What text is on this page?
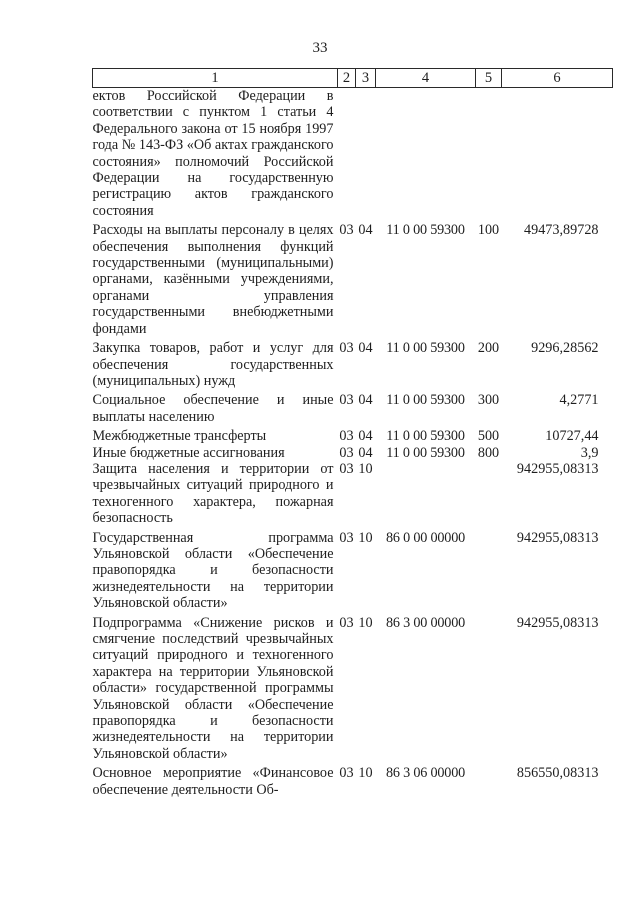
33
1	2	3	4	5	6
ектов Российской Федерации в соответствии с пунктом 1 статьи 4 Федерального закона от 15 ноября 1997 года № 143-ФЗ «Об актах гражданского состояния» полномочий Российской Федерации на государственную регистрацию актов гражданского состояния					
Расходы на выплаты персоналу в целях обеспечения выполнения функций государственными (муниципальными) органами, казёнными учреждениями, органами управления государственными внебюджетными фондами	03	04	11 0 00 59300	100	49473,89728
Закупка товаров, работ и услуг для обеспечения государственных (муниципальных) нужд	03	04	11 0 00 59300	200	9296,28562
Социальное обеспечение и иные выплаты населению	03	04	11 0 00 59300	300	4,2771
Межбюджетные трансферты	03	04	11 0 00 59300	500	10727,44
Иные бюджетные ассигнования	03	04	11 0 00 59300	800	3,9
Защита населения и территории от чрезвычайных ситуаций природного и техногенного характера, пожарная безопасность	03	10			942955,08313
Государственная программа Ульяновской области «Обеспечение правопорядка и безопасности жизнедеятельности на территории Ульяновской области»	03	10	86 0 00 00000		942955,08313
Подпрограмма «Снижение рисков и смягчение последствий чрезвычайных ситуаций природного и техногенного характера на территории Ульяновской области» государственной программы Ульяновской области «Обеспечение правопорядка и безопасности жизнедеятельности на территории Ульяновской области»	03	10	86 3 00 00000		942955,08313
Основное мероприятие «Финансовое обеспечение деятельности Об-	03	10	86 3 06 00000		856550,08313
